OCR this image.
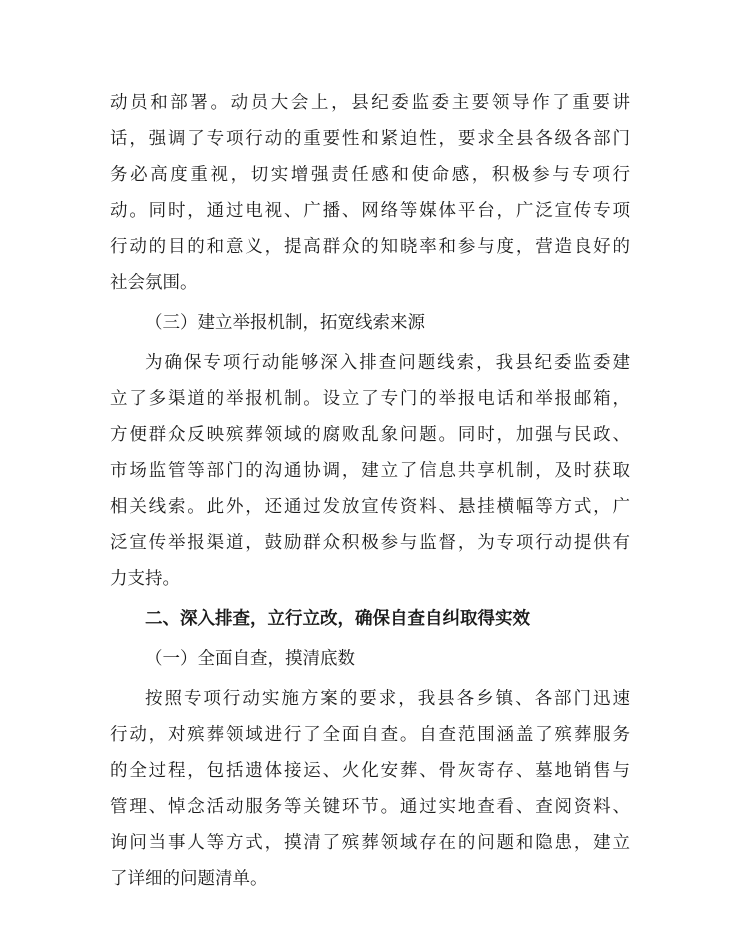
动员和部署。动员大会上，县纪委监委主要领导作了重要讲
话，强调了专项行动的重要性和紧迫性，要求全县各级各部门
务必高度重视，切实增强责任感和使命感，积极参与专项行
动。同时，通过电视、广播、网络等媒体平台，广泛宣传专项
行动的目的和意义，提高群众的知晓率和参与度，营造良好的
社会氛围。
（三）建立举报机制，拓宽线索来源
为确保专项行动能够深入排查问题线索，我县纪委监委建
立了多渠道的举报机制。设立了专门的举报电话和举报邮箱，
方便群众反映殡葬领域的腐败乱象问题。同时，加强与民政、
市场监管等部门的沟通协调，建立了信息共享机制，及时获取
相关线索。此外，还通过发放宣传资料、悬挂横幅等方式，广
泛宣传举报渠道，鼓励群众积极参与监督，为专项行动提供有
力支持。
二、深入排查，立行立改，确保自查自纠取得实效
（一）全面自查，摸清底数
按照专项行动实施方案的要求，我县各乡镇、各部门迅速
行动，对殡葬领域进行了全面自查。自查范围涵盖了殡葬服务
的全过程，包括遗体接运、火化安葬、骨灰寄存、墓地销售与
管理、悼念活动服务等关键环节。通过实地查看、查阅资料、
询问当事人等方式，摸清了殡葬领域存在的问题和隐患，建立
了详细的问题清单。
